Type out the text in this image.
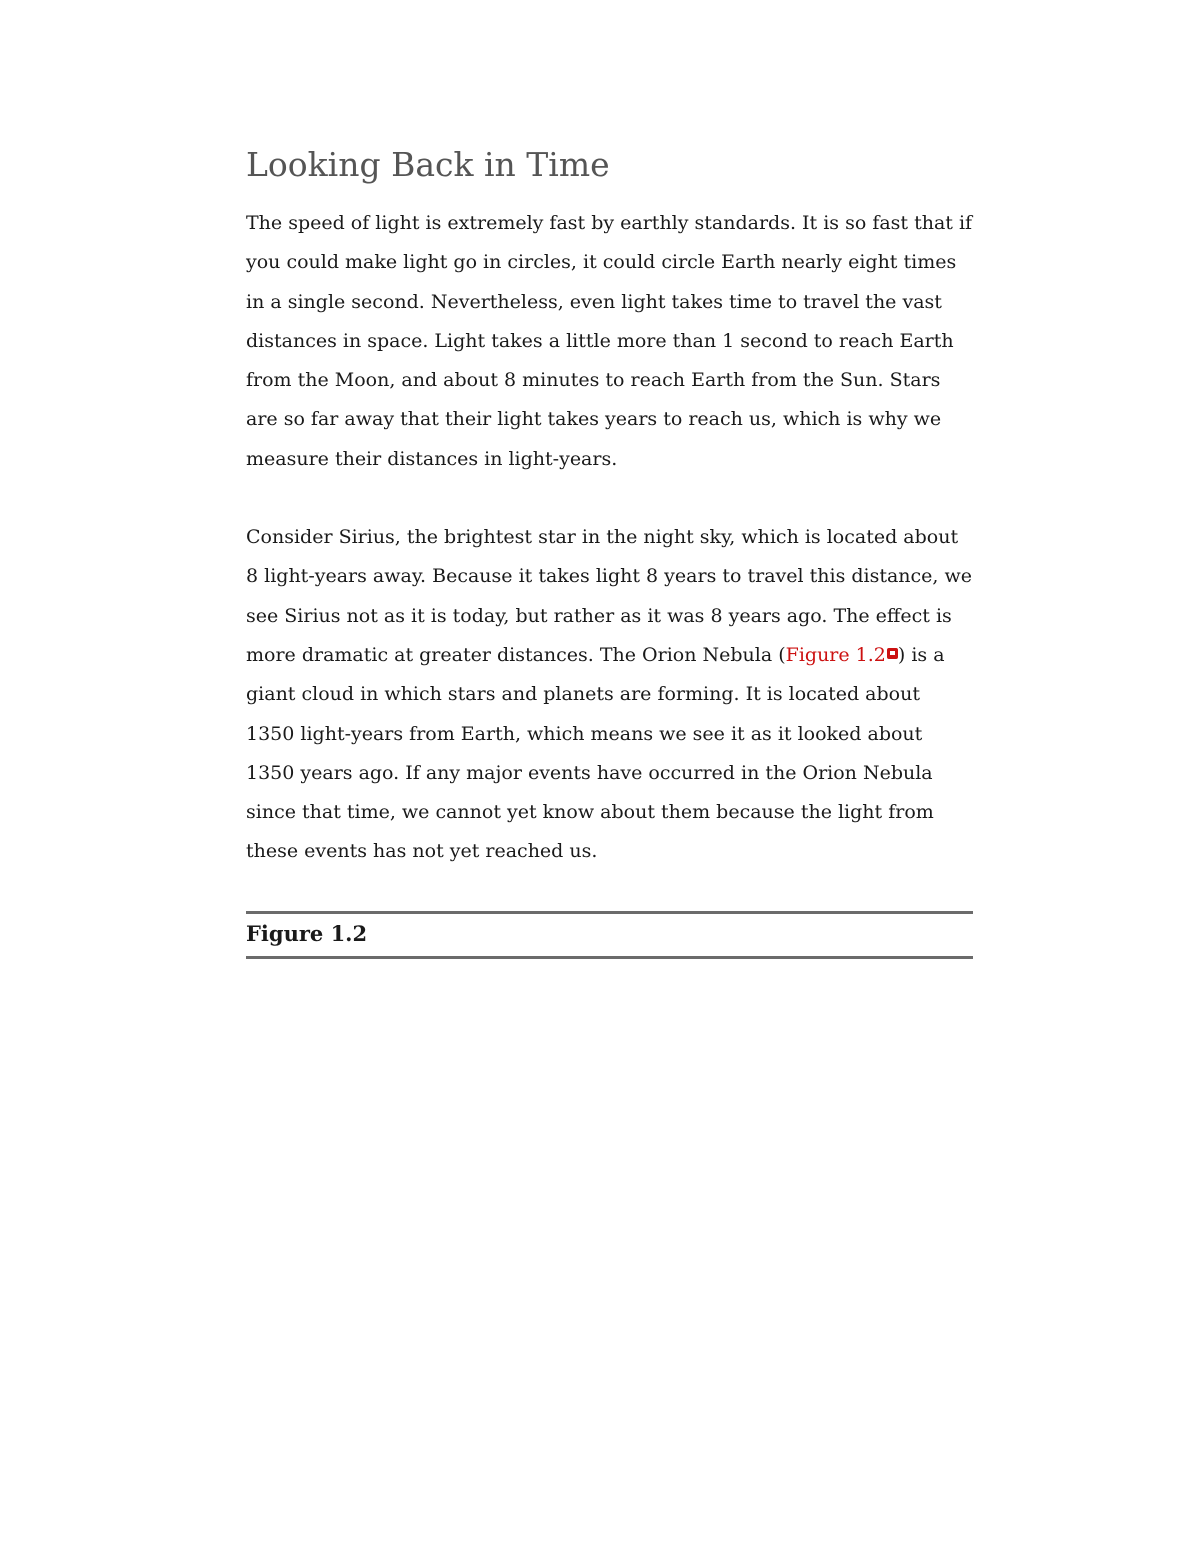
Looking Back in Time

The speed of light is extremely fast by earthly standards. It is so fast that if you could make light go in circles, it could circle Earth nearly eight times in a single second. Nevertheless, even light takes time to travel the vast distances in space. Light takes a little more than 1 second to reach Earth from the Moon, and about 8 minutes to reach Earth from the Sun. Stars are so far away that their light takes years to reach us, which is why we measure their distances in light-years.

Consider Sirius, the brightest star in the night sky, which is located about 8 light-years away. Because it takes light 8 years to travel this distance, we see Sirius not as it is today, but rather as it was 8 years ago. The effect is more dramatic at greater distances. The Orion Nebula (Figure 1.2 ) is a giant cloud in which stars and planets are forming. It is located about 1350 light-years from Earth, which means we see it as it looked about 1350 years ago. If any major events have occurred in the Orion Nebula since that time, we cannot yet know about them because the light from these events has not yet reached us.

Figure 1.2
